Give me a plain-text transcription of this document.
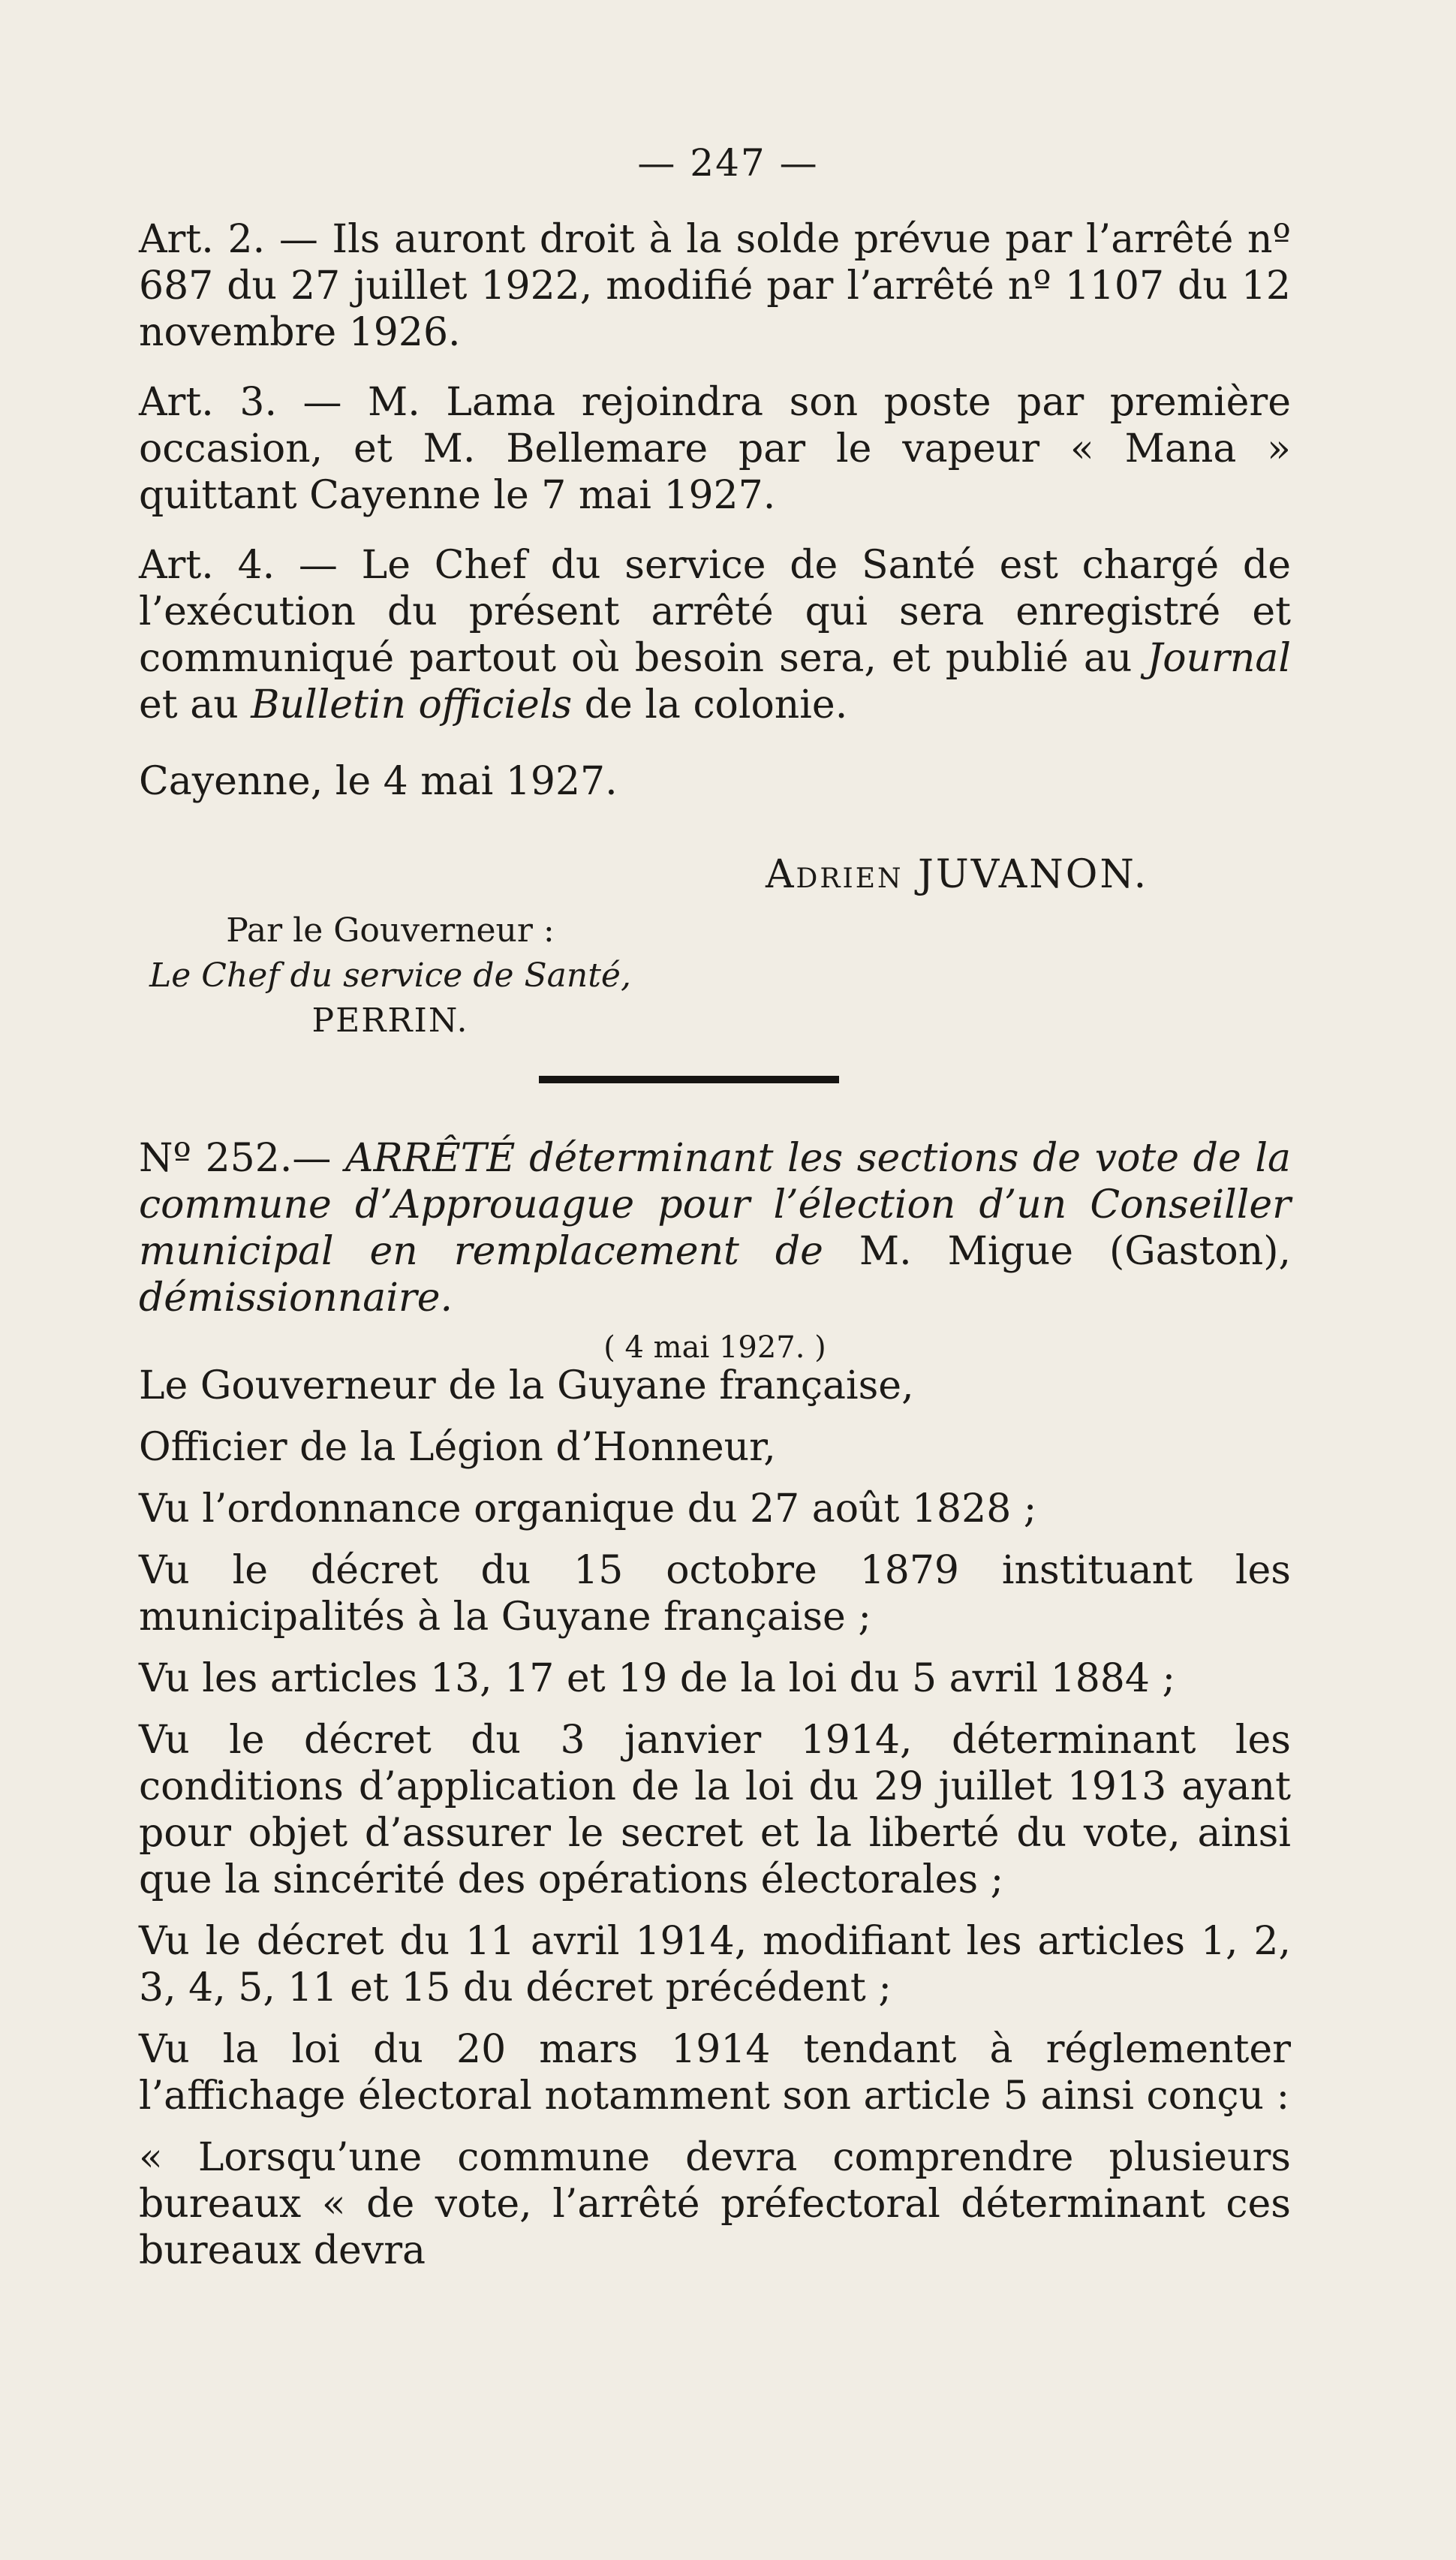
— 247 —

Art. 2. — Ils auront droit à la solde prévue par l’arrêté nº 687 du 27 juillet 1922, modifié par l’arrêté nº 1107 du 12 novembre 1926.

Art. 3. — M. Lama rejoindra son poste par première occasion, et M. Bellemare par le vapeur « Mana » quittant Cayenne le 7 mai 1927.

Art. 4. — Le Chef du service de Santé est chargé de l’exécution du présent arrêté qui sera enregistré et communiqué partout où besoin sera, et publié au Journal et au Bulletin officiels de la colonie.

Cayenne, le 4 mai 1927.

Adrien JUVANON.
Par le Gouverneur :
Le Chef du service de Santé,
PERRIN.

Nº 252.— ARRÊTÉ déterminant les sections de vote de la commune d’Approuague pour l’élection d’un Conseiller municipal en remplacement de M. Migue (Gaston), démissionnaire.

( 4 mai 1927. )

Le Gouverneur de la Guyane française,

Officier de la Légion d’Honneur,

Vu l’ordonnance organique du 27 août 1828 ;

Vu le décret du 15 octobre 1879 instituant les municipalités à la Guyane française ;

Vu les articles 13, 17 et 19 de la loi du 5 avril 1884 ;

Vu le décret du 3 janvier 1914, déterminant les conditions d’application de la loi du 29 juillet 1913 ayant pour objet d’assurer le secret et la liberté du vote, ainsi que la sincérité des opérations électorales ;

Vu le décret du 11 avril 1914, modifiant les articles 1, 2, 3, 4, 5, 11 et 15 du décret précédent ;

Vu la loi du 20 mars 1914 tendant à réglementer l’affichage électoral notamment son article 5 ainsi conçu :

« Lorsqu’une commune devra comprendre plusieurs bureaux « de vote, l’arrêté préfectoral déterminant ces bureaux devra
